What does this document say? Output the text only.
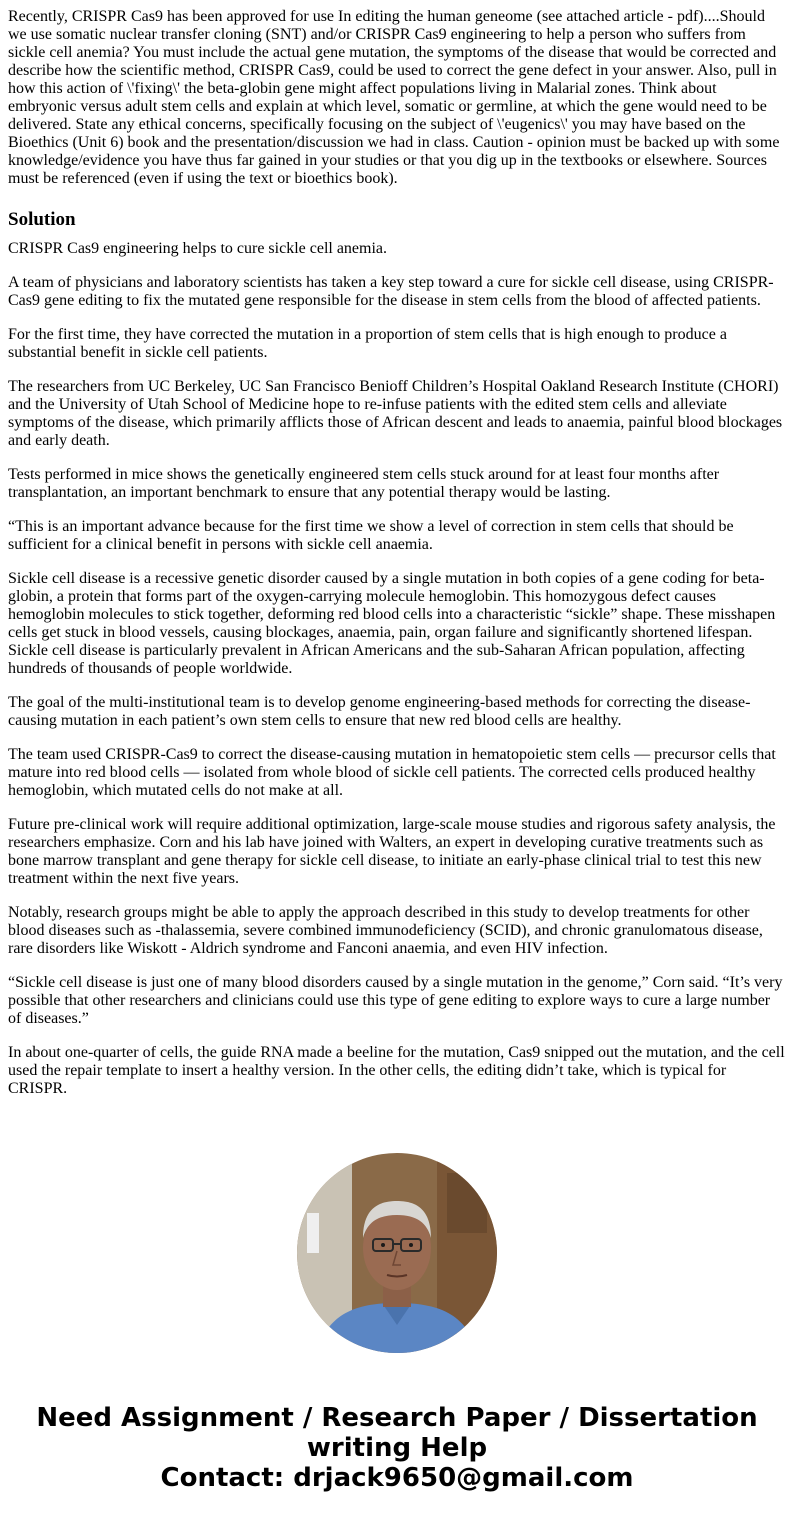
Recently, CRISPR Cas9 has been approved for use In editing the human geneome (see attached article - pdf)....Should we use somatic nuclear transfer cloning (SNT) and/or CRISPR Cas9 engineering to help a person who suffers from sickle cell anemia? You must include the actual gene mutation, the symptoms of the disease that would be corrected and describe how the scientific method, CRISPR Cas9, could be used to correct the gene defect in your answer. Also, pull in how this action of \'fixing\' the beta-globin gene might affect populations living in Malarial zones. Think about embryonic versus adult stem cells and explain at which level, somatic or germline, at which the gene would need to be delivered. State any ethical concerns, specifically focusing on the subject of \'eugenics\' you may have based on the Bioethics (Unit 6) book and the presentation/discussion we had in class. Caution - opinion must be backed up with some knowledge/evidence you have thus far gained in your studies or that you dig up in the textbooks or elsewhere. Sources must be referenced (even if using the text or bioethics book).

Solution

CRISPR Cas9 engineering helps to cure sickle cell anemia.

A team of physicians and laboratory scientists has taken a key step toward a cure for sickle cell disease, using CRISPR-Cas9 gene editing to fix the mutated gene responsible for the disease in stem cells from the blood of affected patients.

For the first time, they have corrected the mutation in a proportion of stem cells that is high enough to produce a substantial benefit in sickle cell patients.

The researchers from UC Berkeley, UC San Francisco Benioff Children’s Hospital Oakland Research Institute (CHORI) and the University of Utah School of Medicine hope to re-infuse patients with the edited stem cells and alleviate symptoms of the disease, which primarily afflicts those of African descent and leads to anaemia, painful blood blockages and early death.

Tests performed in mice shows the genetically engineered stem cells stuck around for at least four months after transplantation, an important benchmark to ensure that any potential therapy would be lasting.

“This is an important advance because for the first time we show a level of correction in stem cells that should be sufficient for a clinical benefit in persons with sickle cell anaemia.

Sickle cell disease is a recessive genetic disorder caused by a single mutation in both copies of a gene coding for beta-globin, a protein that forms part of the oxygen-carrying molecule hemoglobin. This homozygous defect causes hemoglobin molecules to stick together, deforming red blood cells into a characteristic “sickle” shape. These misshapen cells get stuck in blood vessels, causing blockages, anaemia, pain, organ failure and significantly shortened lifespan. Sickle cell disease is particularly prevalent in African Americans and the sub-Saharan African population, affecting hundreds of thousands of people worldwide.

The goal of the multi-institutional team is to develop genome engineering-based methods for correcting the disease-causing mutation in each patient’s own stem cells to ensure that new red blood cells are healthy.

The team used CRISPR-Cas9 to correct the disease-causing mutation in hematopoietic stem cells — precursor cells that mature into red blood cells — isolated from whole blood of sickle cell patients. The corrected cells produced healthy hemoglobin, which mutated cells do not make at all.

Future pre-clinical work will require additional optimization, large-scale mouse studies and rigorous safety analysis, the researchers emphasize. Corn and his lab have joined with Walters, an expert in developing curative treatments such as bone marrow transplant and gene therapy for sickle cell disease, to initiate an early-phase clinical trial to test this new treatment within the next five years.

Notably, research groups might be able to apply the approach described in this study to develop treatments for other blood diseases such as -thalassemia, severe combined immunodeficiency (SCID), and chronic granulomatous disease, rare disorders like Wiskott - Aldrich syndrome and Fanconi anaemia, and even HIV infection.

“Sickle cell disease is just one of many blood disorders caused by a single mutation in the genome,” Corn said. “It’s very possible that other researchers and clinicians could use this type of gene editing to explore ways to cure a large number of diseases.”

In about one-quarter of cells, the guide RNA made a beeline for the mutation, Cas9 snipped out the mutation, and the cell used the repair template to insert a healthy version. In the other cells, the editing didn’t take, which is typical for CRISPR.

Need Assignment / Research Paper / Dissertation
writing Help
Contact: drjack9650@gmail.com
